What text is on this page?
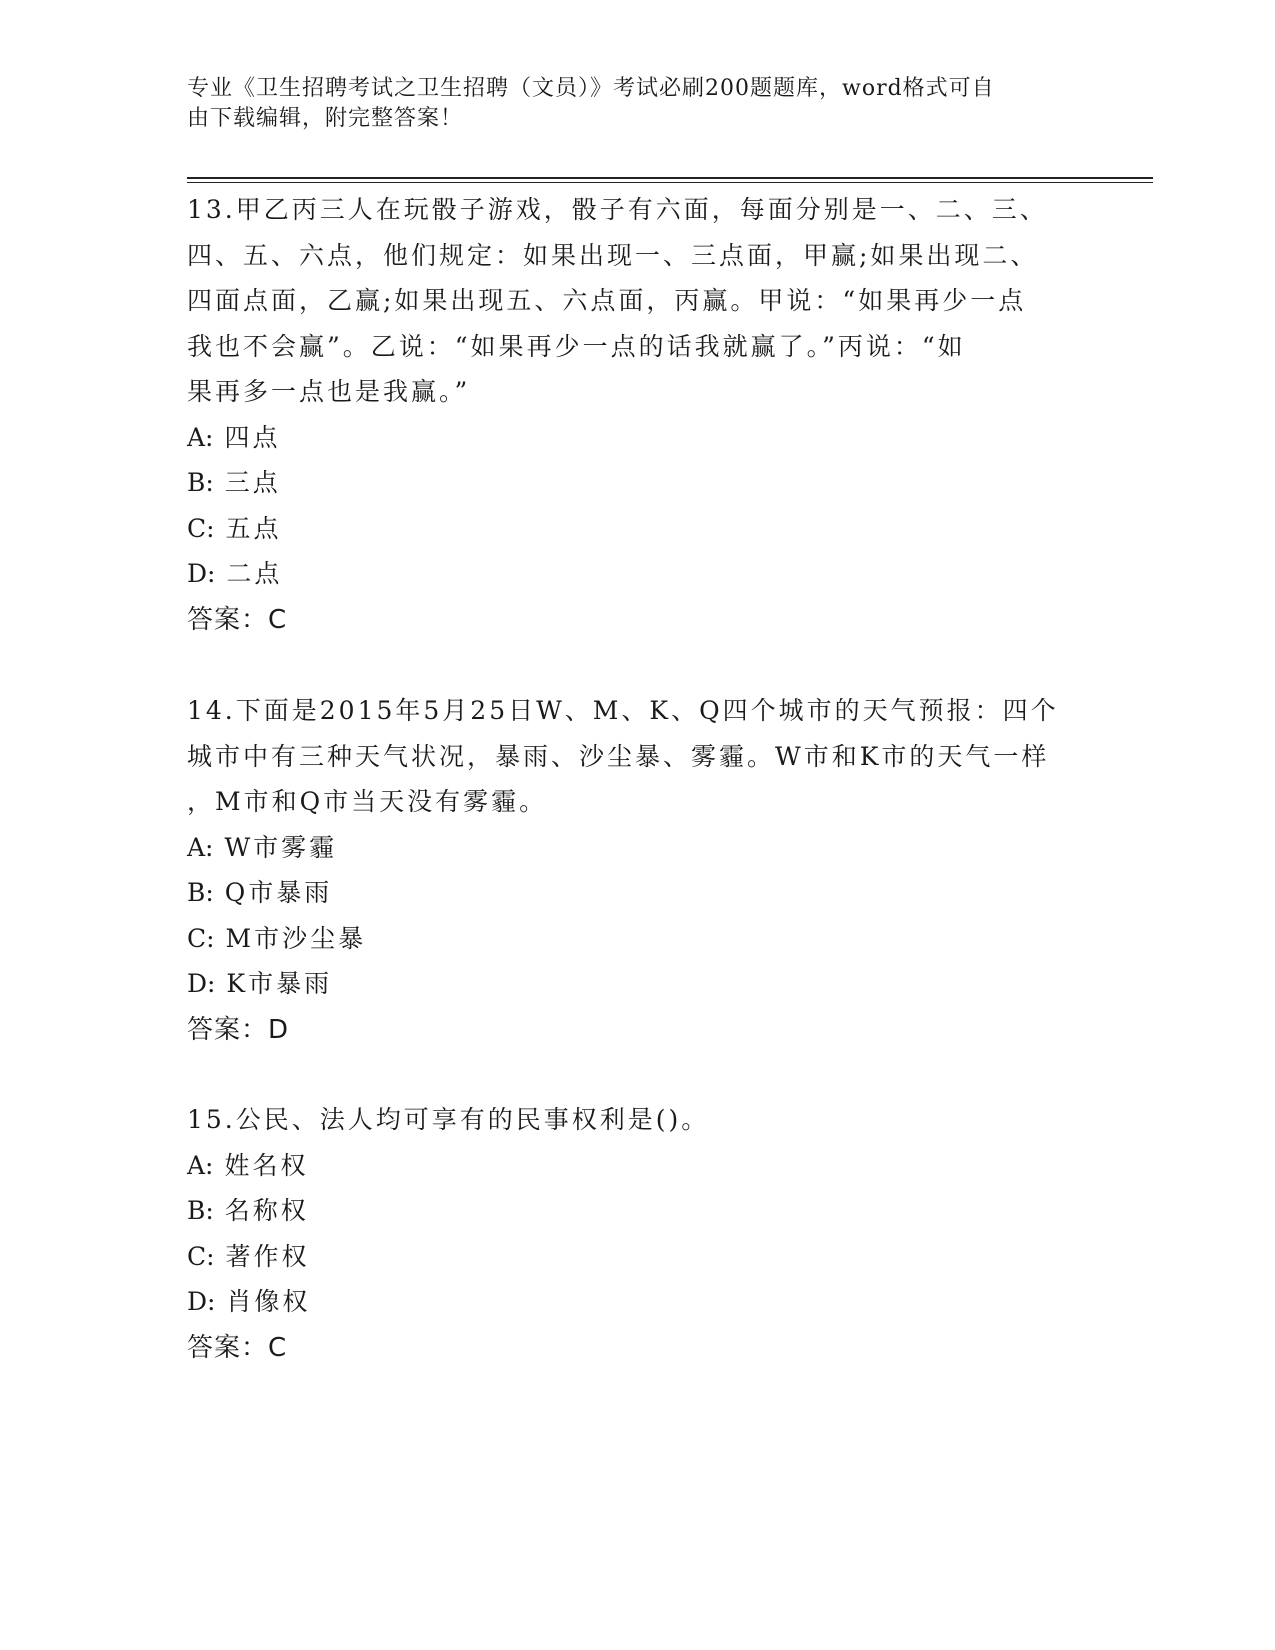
专业《卫生招聘考试之卫生招聘（文员）》考试必刷200题题库，word格式可自
由下载编辑，附完整答案！

13.甲乙丙三人在玩骰子游戏，骰子有六面，每面分别是一、二、三、

四、五、六点，他们规定：如果出现一、三点面，甲赢;如果出现二、

四面点面，乙赢;如果出现五、六点面，丙赢。甲说：“如果再少一点

我也不会赢”。乙说：“如果再少一点的话我就赢了。”丙说：“如

果再多一点也是我赢。”

A: 四点

B: 三点

C: 五点

D: 二点

答案：C

14.下面是2015年5月25日W、M、K、Q四个城市的天气预报：四个

城市中有三种天气状况，暴雨、沙尘暴、雾霾。W市和K市的天气一样

，M市和Q市当天没有雾霾。

A: W市雾霾

B: Q市暴雨

C: M市沙尘暴

D: K市暴雨

答案：D

15.公民、法人均可享有的民事权利是()。

A: 姓名权

B: 名称权

C: 著作权

D: 肖像权

答案：C
